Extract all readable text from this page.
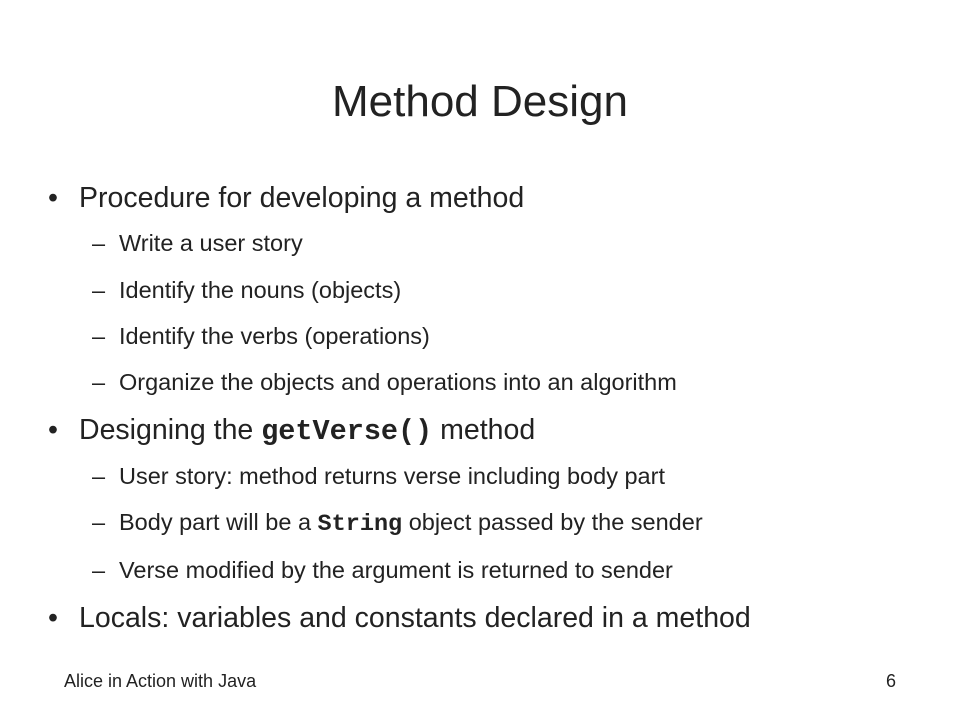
Method Design
• Procedure for developing a method
– Write a user story
– Identify the nouns (objects)
– Identify the verbs (operations)
– Organize the objects and operations into an algorithm
• Designing the getVerse() method
– User story: method returns verse including body part
– Body part will be a String object passed by the sender
– Verse modified by the argument is returned to sender
• Locals: variables and constants declared in a method
Alice in Action with Java	6
